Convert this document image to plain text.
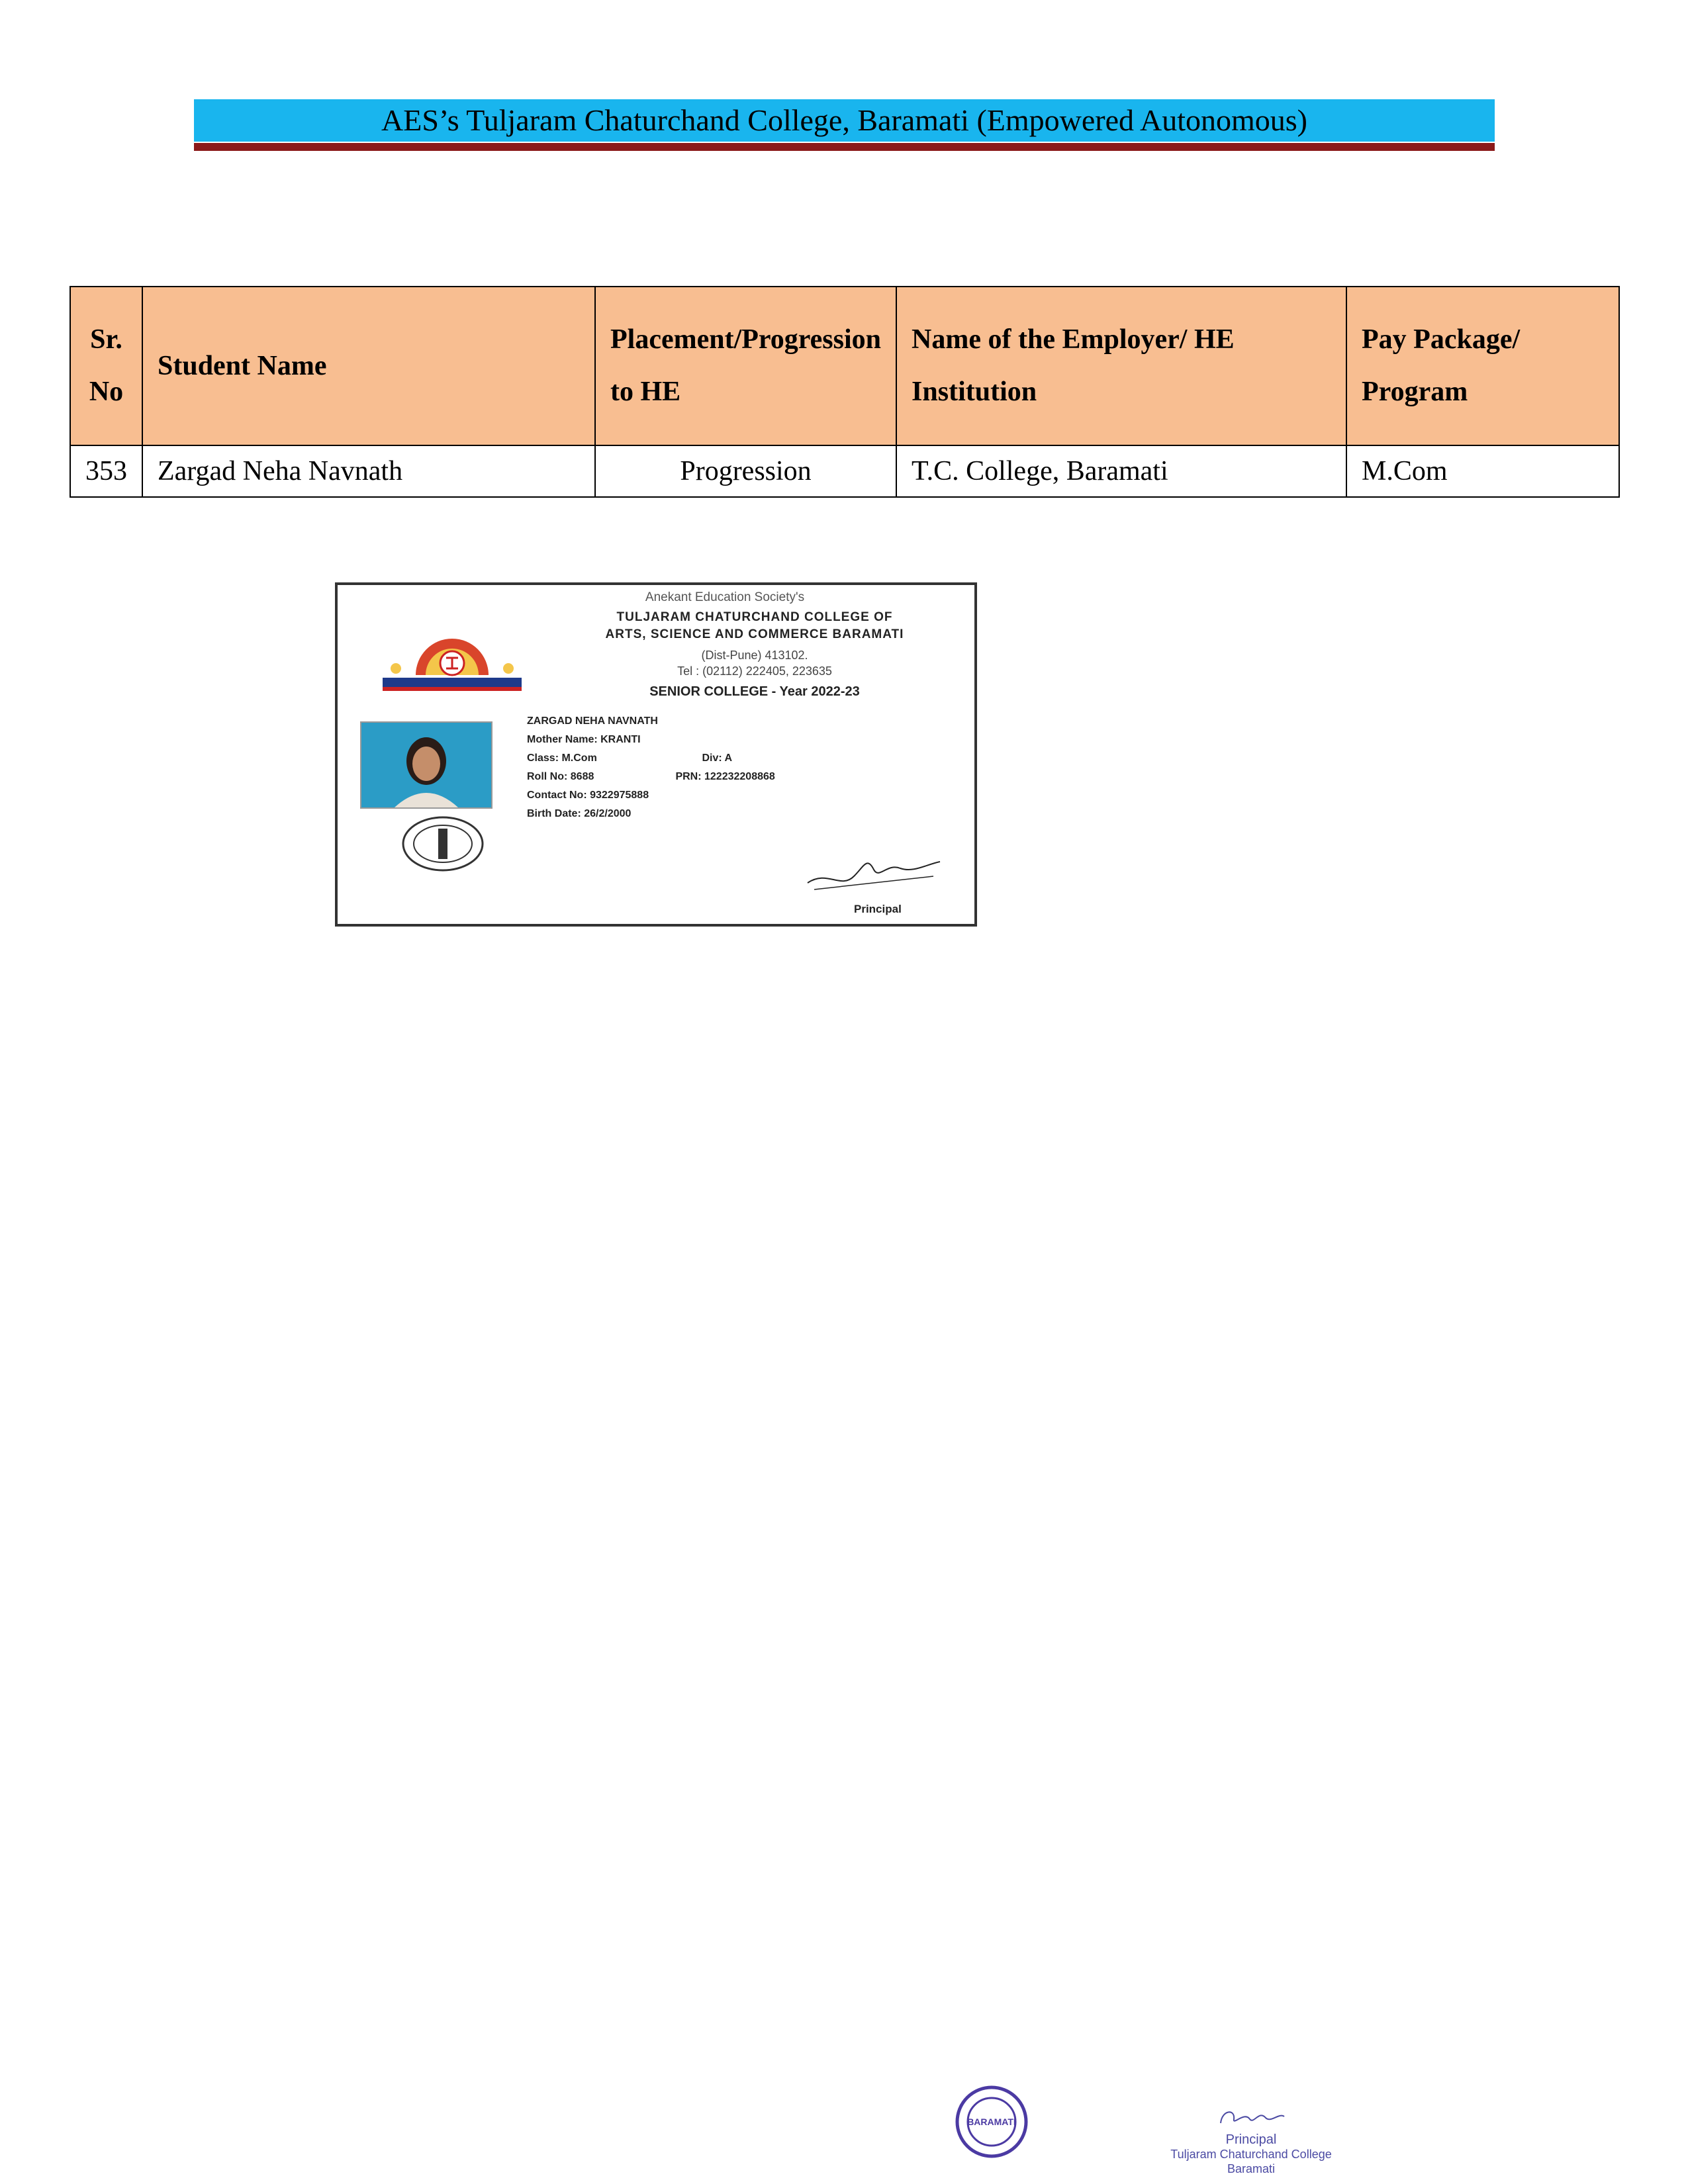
AES’s Tuljaram Chaturchand College, Baramati (Empowered Autonomous)
Sr. No	Student Name	Placement/Progression to HE	Name of the Employer/ HE Institution	Pay Package/ Program
353	Zargad Neha Navnath	Progression	T.C. College, Baramati	M.Com
Anekant Education Society's
TULJARAM CHATURCHAND COLLEGE OF
ARTS, SCIENCE AND COMMERCE BARAMATI
(Dist-Pune) 413102.
Tel : (02112) 222405, 223635
SENIOR COLLEGE - Year 2022-23
ZARGAD NEHA NAVNATH
Mother Name: KRANTI
Class: M.Com	Div: A
Roll No: 8688	PRN: 122232208868
Contact No: 9322975888
Birth Date: 26/2/2000
Principal
BARAMATI
Principal
Tuljaram Chaturchand College
Baramati
